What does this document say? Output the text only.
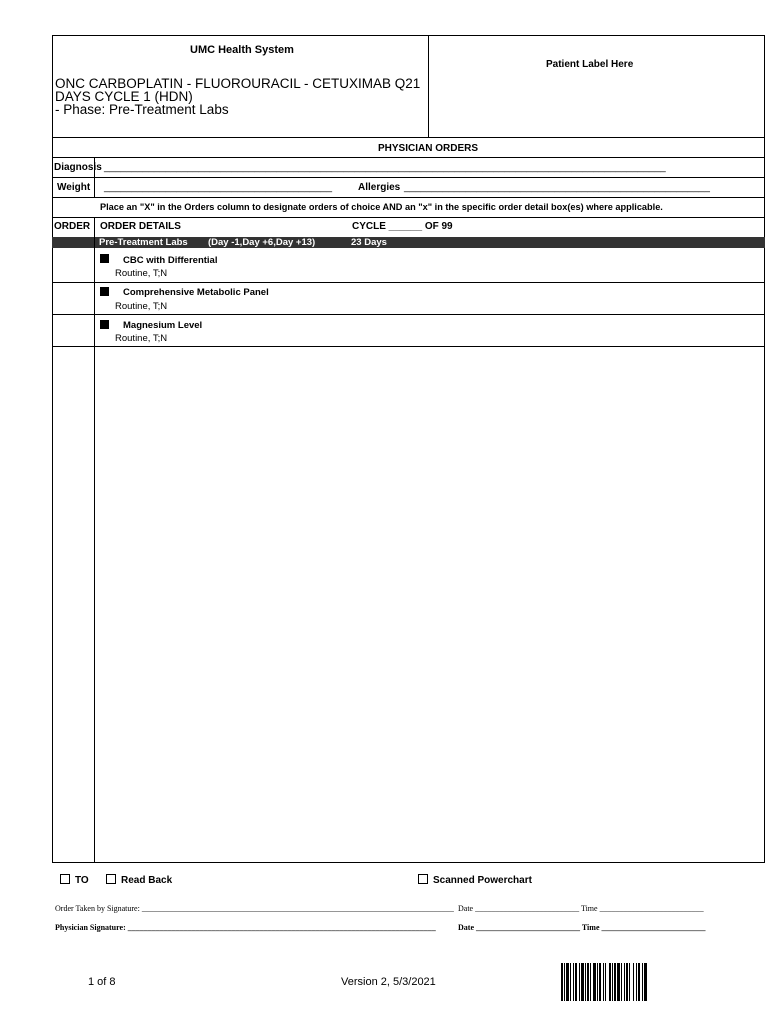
UMC Health System
Patient Label Here
ONC CARBOPLATIN - FLUOROURACIL - CETUXIMAB Q21
DAYS CYCLE 1 (HDN)
- Phase: Pre-Treatment Labs
PHYSICIAN ORDERS
Diagnosis _____________________________________________________________________________________________________
Weight _________________________________________	Allergies _______________________________________________________
Place an "X" in the Orders column to designate orders of choice AND an "x" in the specific order detail box(es) where applicable.
ORDER ORDER DETAILS	CYCLE ______ OF 99
Pre-Treatment Labs (Day -1,Day +6,Day +13)	23 Days
CBC with Differential
Routine, T;N
Comprehensive Metabolic Panel
Routine, T;N
Magnesium Level
Routine, T;N
TO	Read Back	Scanned Powerchart
Order Taken by Signature: ______________________________________________________________________________ Date __________________________ Time __________________________
Physician Signature: _____________________________________________________________________________	Date __________________________ Time __________________________
1 of 8	Version 2, 5/3/2021
